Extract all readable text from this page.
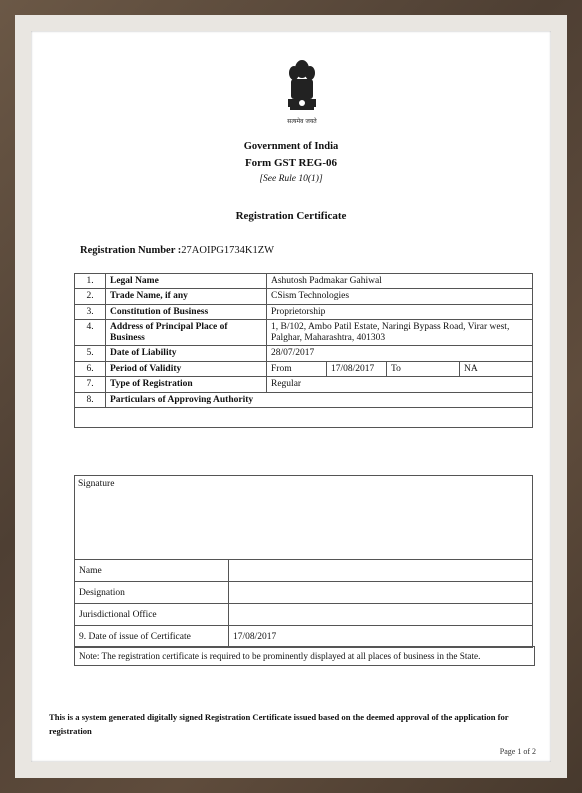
सत्यमेव जयते
Government of India
Form GST REG-06
[See Rule 10(1)]
Registration Certificate
Registration Number :27AOIPG1734K1ZW
1.	Legal Name	Ashutosh Padmakar Gahiwal			
2.	Trade Name, if any	CSism Technologies			
3.	Constitution of Business	Proprietorship			
4.	Address of Principal Place of Business	1, B/102, Ambo Patil Estate, Naringi Bypass Road, Virar west, Palghar, Maharashtra, 401303			
5.	Date of Liability	28/07/2017			
6.	Period of Validity	From	17/08/2017	To	NA
7.	Type of Registration	Regular			
8.	Particulars of Approving Authority				

Signature
Name	
Designation	
Jurisdictional Office	
9. Date of issue of Certificate	17/08/2017
Note: The registration certificate is required to be prominently displayed at all places of business in the State.
This is a system generated digitally signed Registration Certificate issued based on the deemed approval of the application for registration
Page 1 of 2
